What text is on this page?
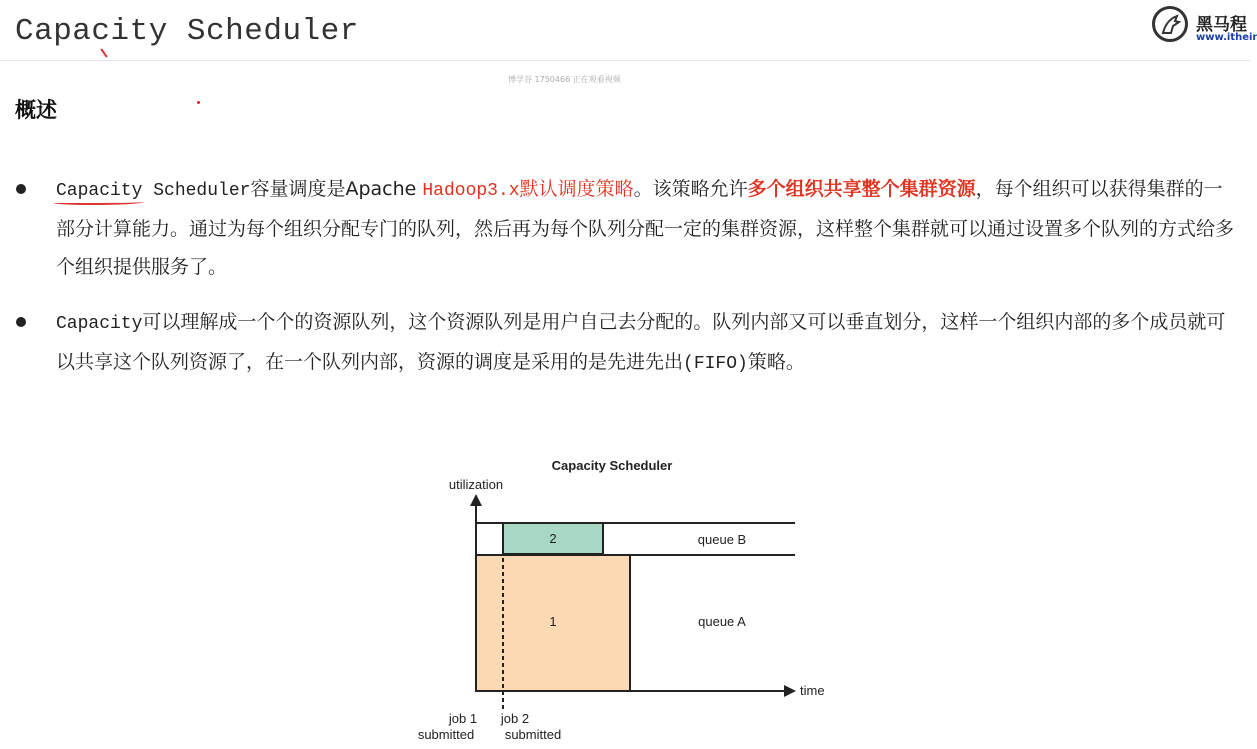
Capacity Scheduler
博学谷 1750466 正在观看视频
黑马程
www.itheir
概述
Capacity Scheduler容量调度是Apache Hadoop3.x默认调度策略。该策略允许多个组织共享整个集群资源，每个组织可以获得集群的一部分计算能力。通过为每个组织分配专门的队列，然后再为每个队列分配一定的集群资源，这样整个集群就可以通过设置多个队列的方式给多个组织提供服务了。
Capacity可以理解成一个个的资源队列，这个资源队列是用户自己去分配的。队列内部又可以垂直划分，这样一个组织内部的多个成员就可以共享这个队列资源了，在一个队列内部，资源的调度是采用的是先进先出(FIFO)策略。
Capacity Scheduler
utilization
1
2
time
queue B
queue A
job 1
submitted
job 2
submitted
